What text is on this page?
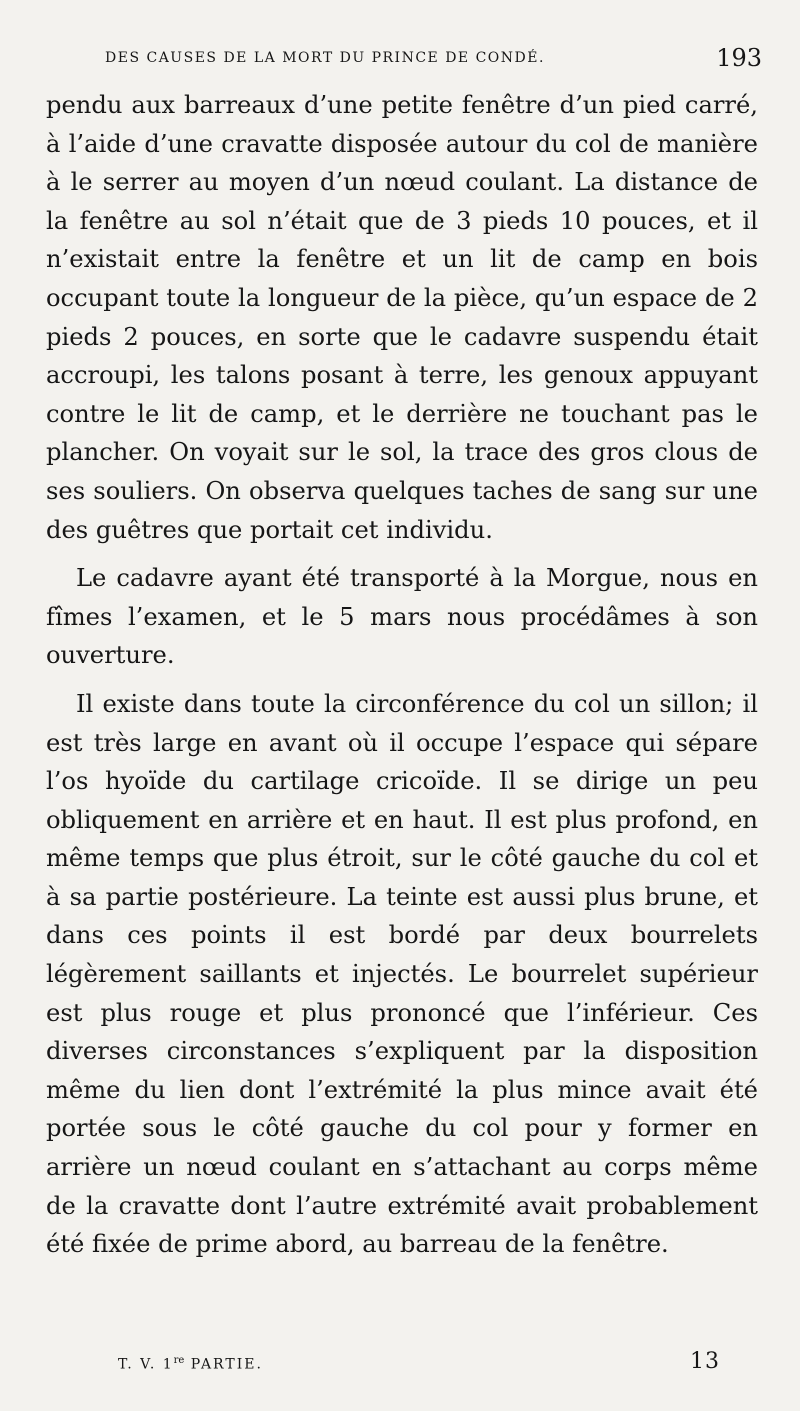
DES CAUSES DE LA MORT DU PRINCE DE CONDÉ.	193

pendu aux barreaux d’une petite fenêtre d’un pied carré, à l’aide d’une cravatte disposée autour du col de manière à le serrer au moyen d’un nœud coulant. La distance de la fenêtre au sol n’était que de 3 pieds 10 pouces, et il n’existait entre la fenêtre et un lit de camp en bois occupant toute la longueur de la pièce, qu’un espace de 2 pieds 2 pouces, en sorte que le cadavre suspendu était accroupi, les talons posant à terre, les genoux appuyant contre le lit de camp, et le derrière ne touchant pas le plancher. On voyait sur le sol, la trace des gros clous de ses souliers. On observa quelques taches de sang sur une des guêtres que portait cet individu.

Le cadavre ayant été transporté à la Morgue, nous en fîmes l’examen, et le 5 mars nous procédâmes à son ouverture.

Il existe dans toute la circonférence du col un sillon; il est très large en avant où il occupe l’espace qui sépare l’os hyoïde du cartilage cricoïde. Il se dirige un peu obliquement en arrière et en haut. Il est plus profond, en même temps que plus étroit, sur le côté gauche du col et à sa partie postérieure. La teinte est aussi plus brune, et dans ces points il est bordé par deux bourrelets légèrement saillants et injectés. Le bourrelet supérieur est plus rouge et plus prononcé que l’inférieur. Ces diverses circonstances s’expliquent par la disposition même du lien dont l’extrémité la plus mince avait été portée sous le côté gauche du col pour y former en arrière un nœud coulant en s’attachant au corps même de la cravatte dont l’autre extrémité avait probablement été fixée de prime abord, au barreau de la fenêtre.

T. V. 1re PARTIE.	13
